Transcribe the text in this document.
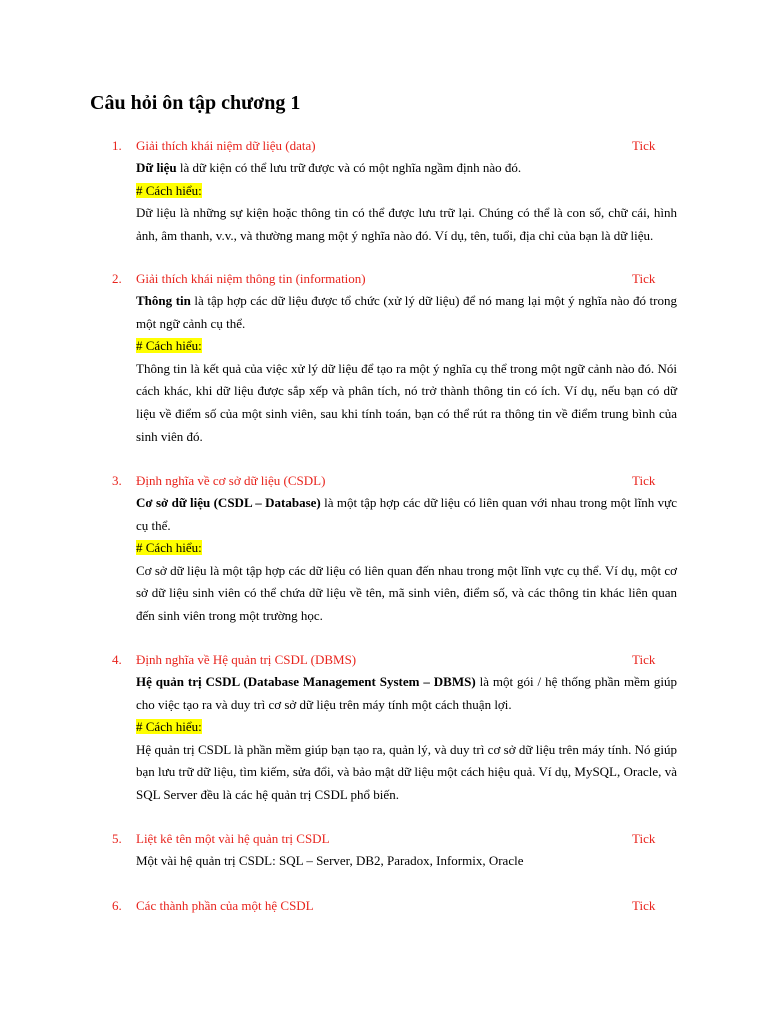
Câu hỏi ôn tập chương 1
1. Giải thích khái niệm dữ liệu (data)	Tick

Dữ liệu là dữ kiện có thể lưu trữ được và có một nghĩa ngầm định nào đó.

# Cách hiểu:

Dữ liệu là những sự kiện hoặc thông tin có thể được lưu trữ lại. Chúng có thể là con số, chữ cái, hình ảnh, âm thanh, v.v., và thường mang một ý nghĩa nào đó. Ví dụ, tên, tuổi, địa chỉ của bạn là dữ liệu.

2. Giải thích khái niệm thông tin (information)	Tick

Thông tin là tập hợp các dữ liệu được tổ chức (xử lý dữ liệu) để nó mang lại một ý nghĩa nào đó trong một ngữ cảnh cụ thể.

# Cách hiểu:

Thông tin là kết quả của việc xử lý dữ liệu để tạo ra một ý nghĩa cụ thể trong một ngữ cảnh nào đó. Nói cách khác, khi dữ liệu được sắp xếp và phân tích, nó trở thành thông tin có ích. Ví dụ, nếu bạn có dữ liệu về điểm số của một sinh viên, sau khi tính toán, bạn có thể rút ra thông tin về điểm trung bình của sinh viên đó.

3. Định nghĩa về cơ sở dữ liệu (CSDL)	Tick

Cơ sở dữ liệu (CSDL – Database) là một tập hợp các dữ liệu có liên quan với nhau trong một lĩnh vực cụ thể.

# Cách hiểu:

Cơ sở dữ liệu là một tập hợp các dữ liệu có liên quan đến nhau trong một lĩnh vực cụ thể. Ví dụ, một cơ sở dữ liệu sinh viên có thể chứa dữ liệu về tên, mã sinh viên, điểm số, và các thông tin khác liên quan đến sinh viên trong một trường học.

4. Định nghĩa về Hệ quản trị CSDL (DBMS)	Tick

Hệ quản trị CSDL (Database Management System – DBMS) là một gói / hệ thống phần mềm giúp cho việc tạo ra và duy trì cơ sở dữ liệu trên máy tính một cách thuận lợi.

# Cách hiểu:

Hệ quản trị CSDL là phần mềm giúp bạn tạo ra, quản lý, và duy trì cơ sở dữ liệu trên máy tính. Nó giúp bạn lưu trữ dữ liệu, tìm kiếm, sửa đổi, và bảo mật dữ liệu một cách hiệu quả. Ví dụ, MySQL, Oracle, và SQL Server đều là các hệ quản trị CSDL phổ biến.

5. Liệt kê tên một vài hệ quản trị CSDL	Tick

Một vài hệ quản trị CSDL: SQL – Server, DB2, Paradox, Informix, Oracle

6. Các thành phần của một hệ CSDL	Tick
